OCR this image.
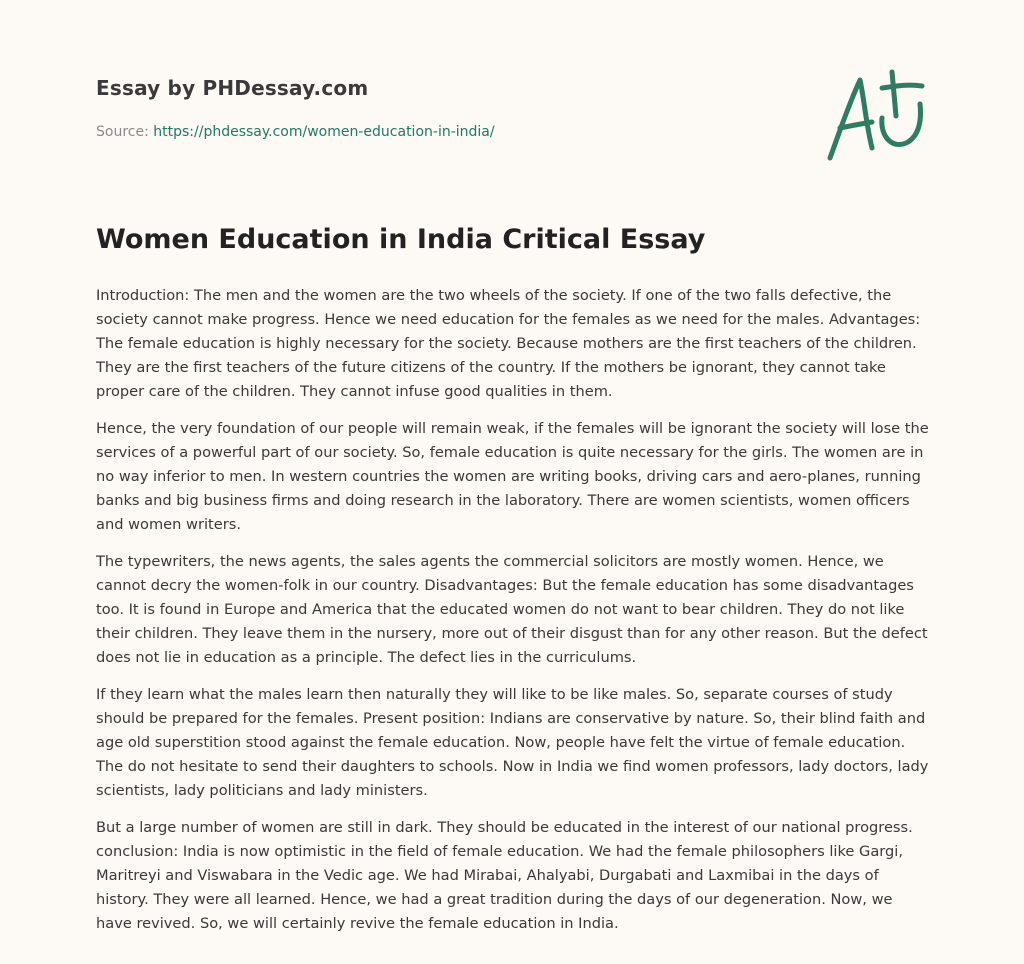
Essay by PHDessay.com
Source: https://phdessay.com/women-education-in-india/
Women Education in India Critical Essay

Introduction: The men and the women are the two wheels of the society. If one of the two falls defective, the society cannot make progress. Hence we need education for the females as we need for the males. Advantages: The female education is highly necessary for the society. Because mothers are the first teachers of the children. They are the first teachers of the future citizens of the country. If the mothers be ignorant, they cannot take proper care of the children. They cannot infuse good qualities in them.

Hence, the very foundation of our people will remain weak, if the females will be ignorant the society will lose the services of a powerful part of our society. So, female education is quite necessary for the girls. The women are in no way inferior to men. In western countries the women are writing books, driving cars and aero-planes, running banks and big business firms and doing research in the laboratory. There are women scientists, women officers and women writers.

The typewriters, the news agents, the sales agents the commercial solicitors are mostly women. Hence, we cannot decry the women-folk in our country. Disadvantages: But the female education has some disadvantages too. It is found in Europe and America that the educated women do not want to bear children. They do not like their children. They leave them in the nursery, more out of their disgust than for any other reason. But the defect does not lie in education as a principle. The defect lies in the curriculums.

If they learn what the males learn then naturally they will like to be like males. So, separate courses of study should be prepared for the females. Present position: Indians are conservative by nature. So, their blind faith and age old superstition stood against the female education. Now, people have felt the virtue of female education. The do not hesitate to send their daughters to schools. Now in India we find women professors, lady doctors, lady scientists, lady politicians and lady ministers.

But a large number of women are still in dark. They should be educated in the interest of our national progress. conclusion: India is now optimistic in the field of female education. We had the female philosophers like Gargi, Maritreyi and Viswabara in the Vedic age. We had Mirabai, Ahalyabi, Durgabati and Laxmibai in the days of history. They were all learned. Hence, we had a great tradition during the days of our degeneration. Now, we have revived. So, we will certainly revive the female education in India.
